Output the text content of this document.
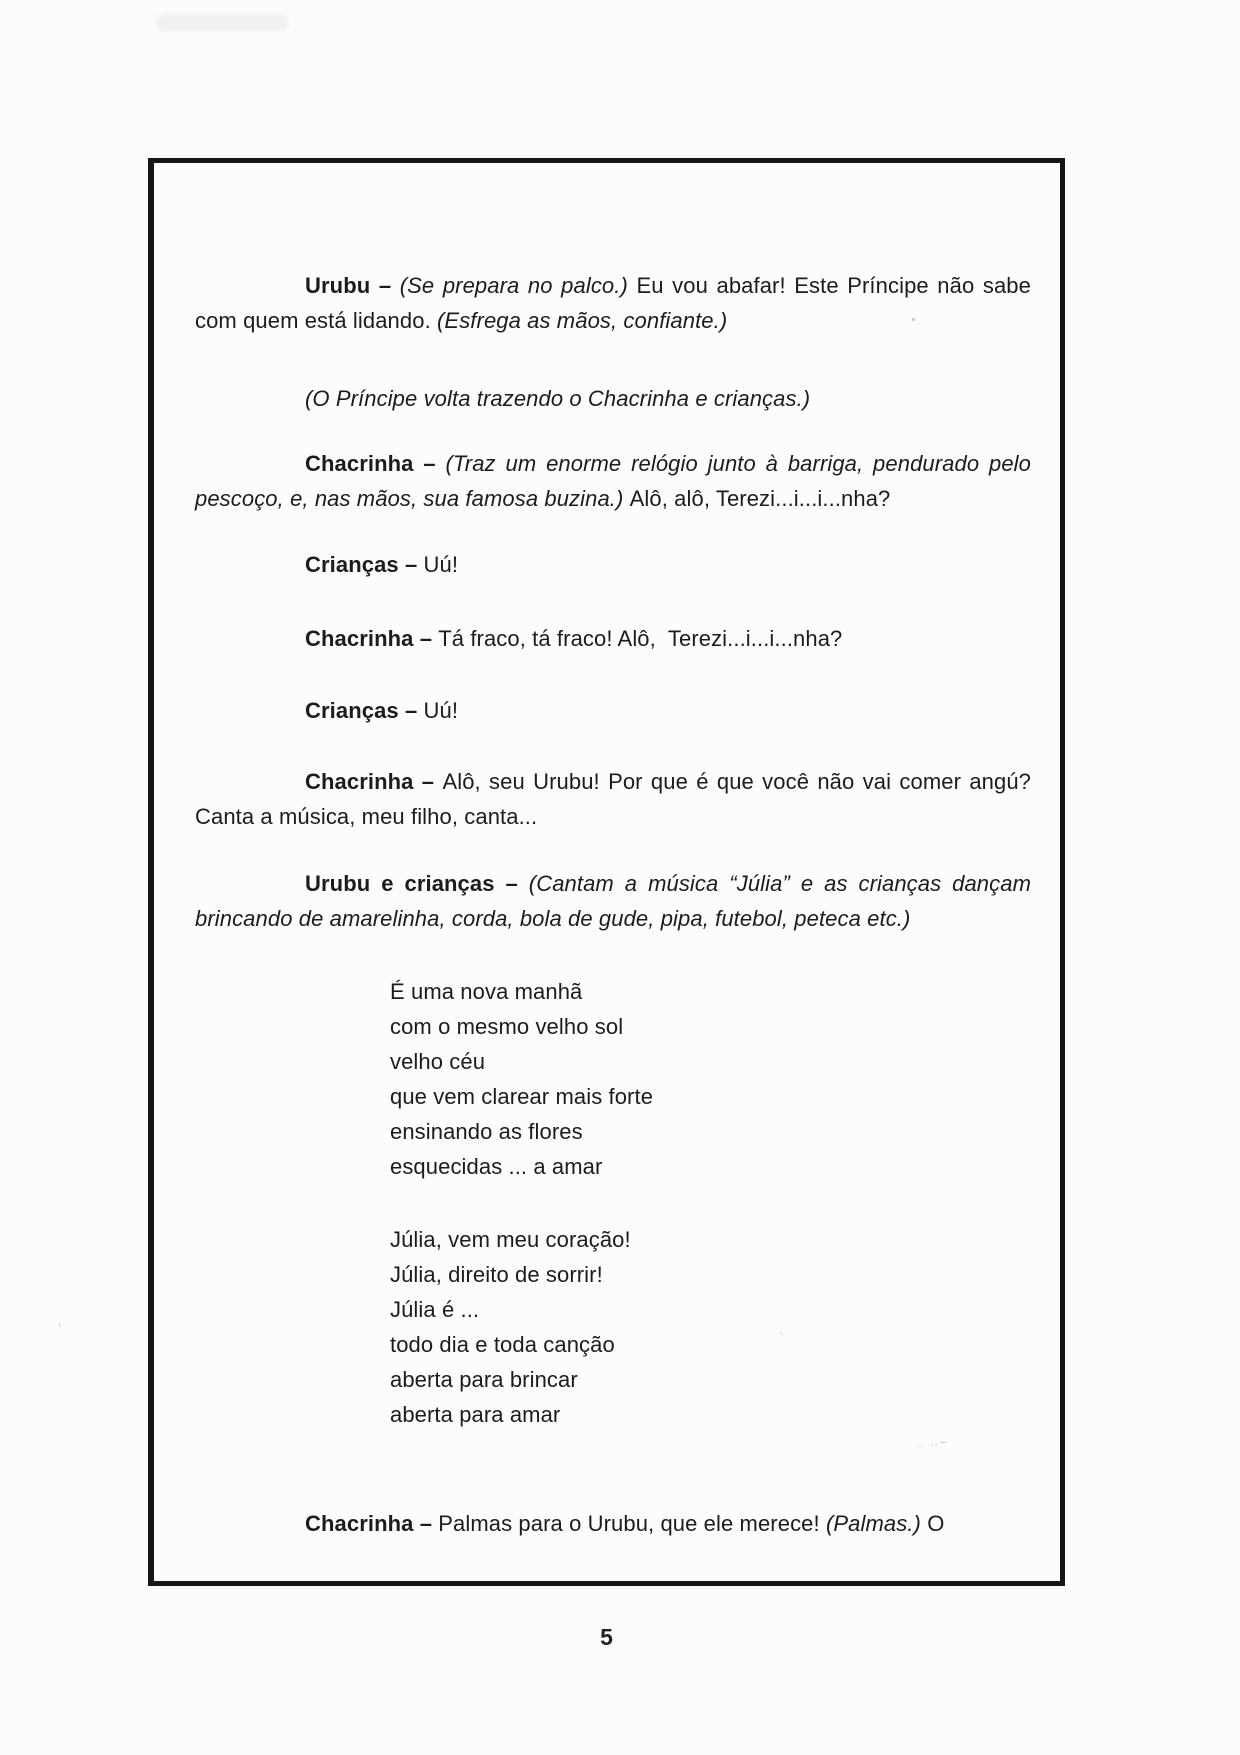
Urubu – (Se prepara no palco.) Eu vou abafar! Este Príncipe não sabe com quem está lidando. (Esfrega as mãos, confiante.)

(O Príncipe volta trazendo o Chacrinha e crianças.)

Chacrinha – (Traz um enorme relógio junto à barriga, pendurado pelo pescoço, e, nas mãos, sua famosa buzina.) Alô, alô, Terezi...i...i...nha?

Crianças – Uú!

Chacrinha – Tá fraco, tá fraco! Alô,  Terezi...i...i...nha?

Crianças – Uú!

Chacrinha – Alô, seu Urubu! Por que é que você não vai comer angú? Canta a música, meu filho, canta...

Urubu e crianças – (Cantam a música “Júlia” e as crianças dançam brincando de amarelinha, corda, bola de gude, pipa, futebol, peteca etc.)

É uma nova manhã
com o mesmo velho sol
velho céu
que vem clarear mais forte
ensinando as flores
esquecidas ... a amar
Júlia, vem meu coração!
Júlia, direito de sorrir!
Júlia é ...
todo dia e toda canção
aberta para brincar
aberta para amar

Chacrinha – Palmas para o Urubu, que ele merece! (Palmas.) O

5
‥ ‥–
’
`
